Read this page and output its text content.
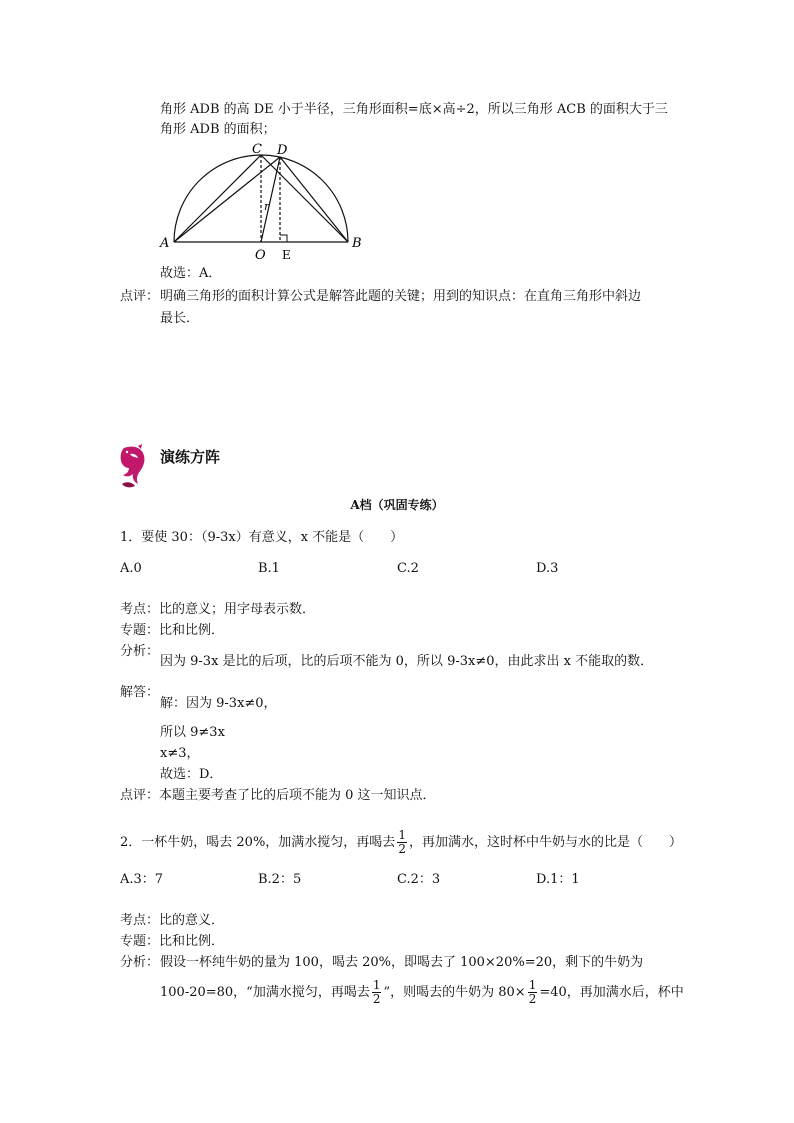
角形 ADB 的高 DE 小于半径，三角形面积=底×高÷2，所以三角形 ACB 的面积大于三
角形 ADB 的面积；
A	B
C D
O E
r
故选：A．
点评： 明确三角形的面积计算公式是解答此题的关键；用到的知识点：在直角三角形中斜边
最长．
演练方阵
A档（巩固专练）
1．要使 30：（9-3x）有意义，x 不能是（　　）
A.0	B.1	C.2	D.3
考点：比的意义；用字母表示数．
专题：比和比例．
分析：
因为 9-3x 是比的后项，比的后项不能为 0，所以 9-3x≠0，由此求出 x 不能取的数．
解答：
解：因为 9-3x≠0，
所以 9≠3x
x≠3，
故选：D．
点评：本题主要考查了比的后项不能为 0 这一知识点．
2．一杯牛奶，喝去 20%，加满水搅匀，再喝去 $\frac{1}{2}$ ，再加满水，这时杯中牛奶与水的比是（　　）
A.3：7	B.2：5	C.2：3	D.1：1
考点：比的意义．
专题：比和比例．
分析： 假设一杯纯牛奶的量为 100，喝去 20%，即喝去了 100×20%=20，剩下的牛奶为
100-20=80，“加满水搅匀，再喝去 $\frac{1}{2}$ ”，则喝去的牛奶为 $80\times \frac{1}{2} =40$，再加满水后，杯中
